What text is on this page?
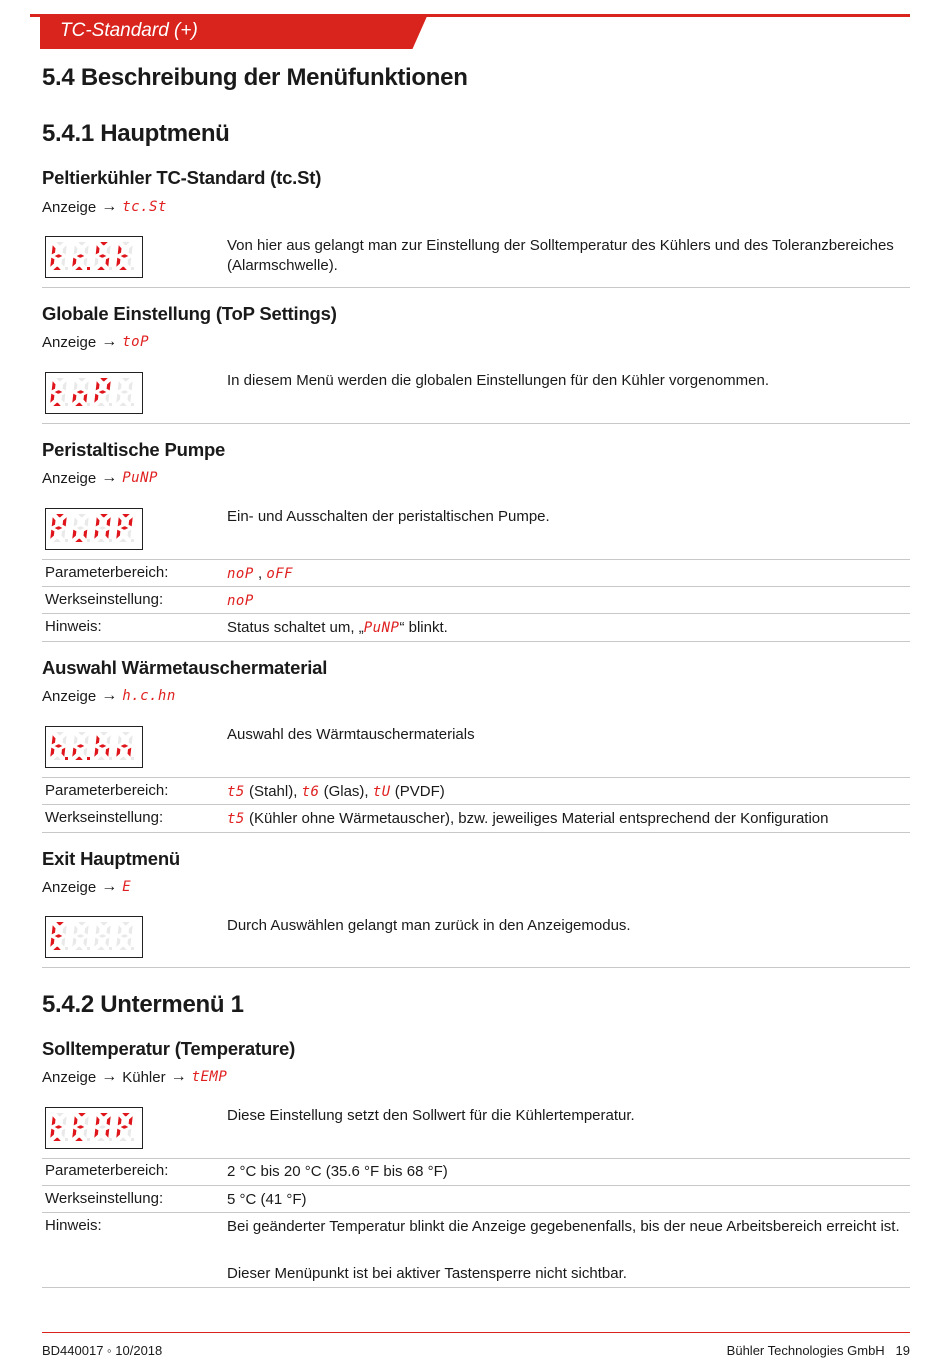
TC-Standard (+)
5.4 Beschreibung der Menüfunktionen
5.4.1 Hauptmenü
Peltierkühler TC-Standard (tc.St)
Anzeige → tc.St
Von hier aus gelangt man zur Einstellung der Solltemperatur des Kühlers und des Toleranzbereiches (Alarmschwelle).
Globale Einstellung (ToP Settings)
Anzeige → toP
In diesem Menü werden die globalen Einstellungen für den Kühler vorgenommen.
Peristaltische Pumpe
Anzeige → PuNP
Ein- und Ausschalten der peristaltischen Pumpe.
Parameterbereich:	noP , oFF
Werkseinstellung:	noP
Hinweis:	Status schaltet um, „PuNP“ blinkt.
Auswahl Wärmetauschermaterial
Anzeige → h.c.hn
Auswahl des Wärmtauschermaterials
Parameterbereich:	t5 (Stahl), t6 (Glas), tU (PVDF)
Werkseinstellung:	t5 (Kühler ohne Wärmetauscher), bzw. jeweiliges Material entsprechend der Konfiguration
Exit Hauptmenü
Anzeige → E
Durch Auswählen gelangt man zurück in den Anzeigemodus.
5.4.2 Untermenü 1
Solltemperatur (Temperature)
Anzeige → Kühler → tEMP
Diese Einstellung setzt den Sollwert für die Kühlertemperatur.
Parameterbereich:	2 °C bis 20 °C (35.6 °F bis 68 °F)
Werkseinstellung:	5 °C (41 °F)
Hinweis:	Bei geänderter Temperatur blinkt die Anzeige gegebenenfalls, bis der neue Arbeitsbereich erreicht ist.
Dieser Menüpunkt ist bei aktiver Tastensperre nicht sichtbar.
BD440017 ◦ 10/2018	Bühler Technologies GmbH 19
